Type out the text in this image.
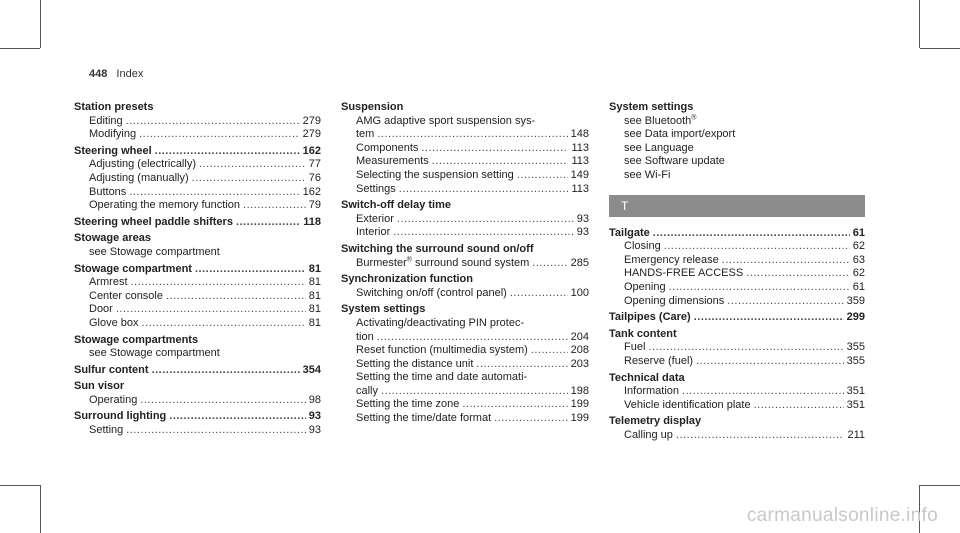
448 Index
Station presets
Editing .....	279
Modifying .....	279
Steering wheel .....	162
Adjusting (electrically) .....	77
Adjusting (manually) .....	76
Buttons .....	162
Operating the memory function .....	79
Steering wheel paddle shifters .....	118
Stowage areas
see Stowage compartment
Stowage compartment .....	81
Armrest .....	81
Center console .....	81
Door .....	81
Glove box .....	81
Stowage compartments
see Stowage compartment
Sulfur content .....	354
Sun visor
Operating .....	98
Surround lighting .....	93
Setting .....	93
Suspension
AMG adaptive sport suspension sys-
tem .....	148
Components .....	113
Measurements .....	113
Selecting the suspension setting .....	149
Settings .....	113
Switch-off delay time
Exterior .....	93
Interior .....	93
Switching the surround sound on/off
Burmester® surround sound system .....	285
Synchronization function
Switching on/off (control panel) .....	100
System settings
Activating/deactivating PIN protec-
tion .....	204
Reset function (multimedia system) .....	208
Setting the distance unit .....	203
Setting the time and date automati-
cally .....	198
Setting the time zone .....	199
Setting the time/date format .....	199
System settings
see Bluetooth®
see Data import/export
see Language
see Software update
see Wi-Fi
T
Tailgate .....	61
Closing .....	62
Emergency release .....	63
HANDS-FREE ACCESS .....	62
Opening .....	61
Opening dimensions .....	359
Tailpipes (Care) .....	299
Tank content
Fuel .....	355
Reserve (fuel) .....	355
Technical data
Information .....	351
Vehicle identification plate .....	351
Telemetry display
Calling up .....	211
carmanualsonline.info
